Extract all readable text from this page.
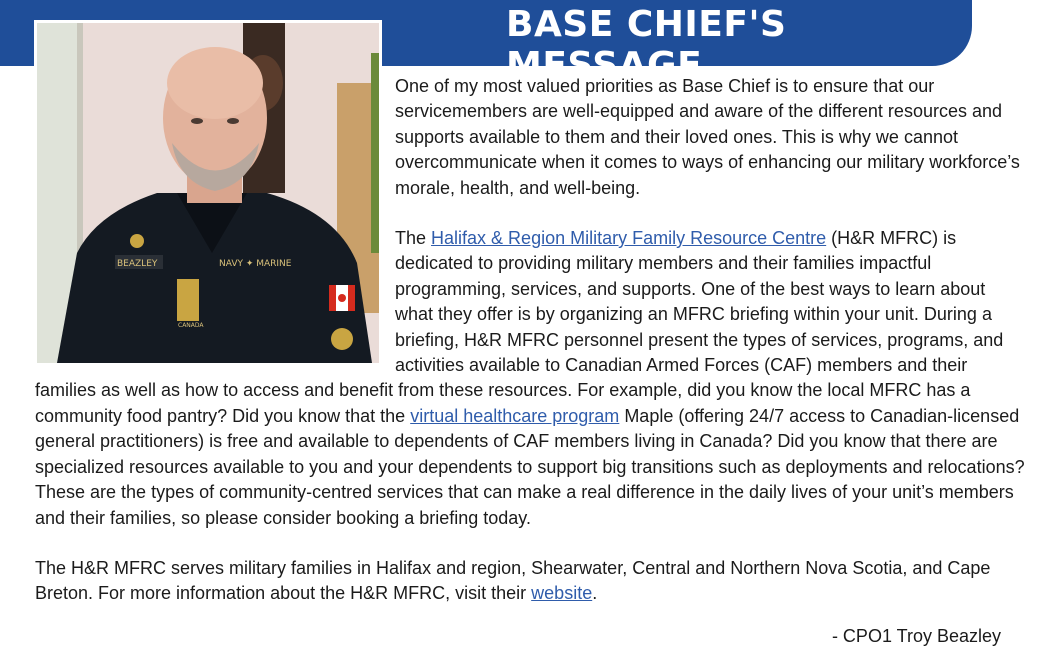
BASE CHIEF'S MESSAGE
BEAZLEY	NAVY ✦ MARINE
CANADA

One of my most valued priorities as Base Chief is to ensure that our servicemembers are well-equipped and aware of the different resources and supports available to them and their loved ones. This is why we cannot overcommunicate when it comes to ways of enhancing our military workforce’s morale, health, and well-being.

The Halifax & Region Military Family Resource Centre (H&R MFRC) is dedicated to providing military members and their families impactful programming, services, and supports. One of the best ways to learn about what they offer is by organizing an MFRC briefing within your unit. During a briefing, H&R MFRC personnel present the types of services, programs, and activities available to Canadian Armed Forces (CAF) members and their families as well as how to access and benefit from these resources. For example, did you know the local MFRC has a community food pantry? Did you know that the virtual healthcare program Maple (offering 24/7 access to Canadian-licensed general practitioners) is free and available to dependents of CAF members living in Canada? Did you know that there are specialized resources available to you and your dependents to support big transitions such as deployments and relocations? These are the types of community-centred services that can make a real difference in the daily lives of your unit’s members and their families, so please consider booking a briefing today.

The H&R MFRC serves military families in Halifax and region, Shearwater, Central and Northern Nova Scotia, and Cape Breton. For more information about the H&R MFRC, visit their website.

- CPO1 Troy Beazley
